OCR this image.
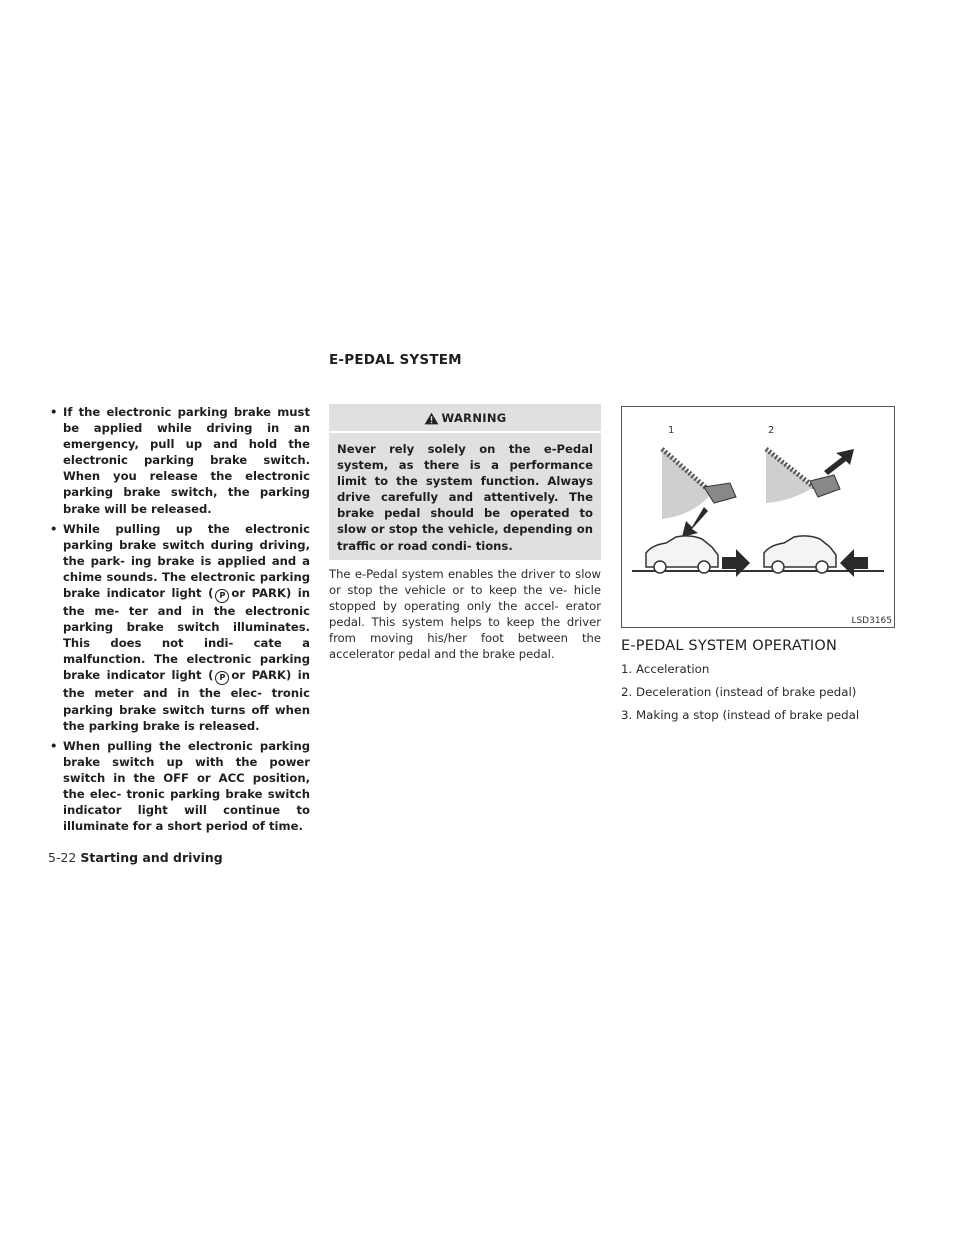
E-PEDAL SYSTEM
• If the electronic parking brake must be applied while driving in an emergency, pull up and hold the electronic parking brake switch. When you release the electronic parking brake switch, the parking brake will be released.
• While pulling up the electronic parking brake switch during driving, the park- ing brake is applied and a chime sounds. The electronic parking brake indicator light ( P or PARK) in the me- ter and in the electronic parking brake switch illuminates. This does not indi- cate a malfunction. The electronic parking brake indicator light ( P or PARK) in the meter and in the elec- tronic parking brake switch turns off when the parking brake is released.
• When pulling the electronic parking brake switch up with the power switch in the OFF or ACC position, the elec- tronic parking brake switch indicator light will continue to illuminate for a short period of time.
WARNING
Never rely solely on the e-Pedal system, as there is a performance limit to the system function. Always drive carefully and attentively. The brake pedal should be operated to slow or stop the vehicle, depending on traffic or road condi- tions.
The e-Pedal system enables the driver to slow or stop the vehicle or to keep the ve- hicle stopped by operating only the accel- erator pedal. This system helps to keep the driver from moving his/her foot between the accelerator pedal and the brake pedal.
1	2
LSD3165
E-PEDAL SYSTEM OPERATION
1. Acceleration
2. Deceleration (instead of brake pedal)
3. Making a stop (instead of brake pedal
5-22 Starting and driving
